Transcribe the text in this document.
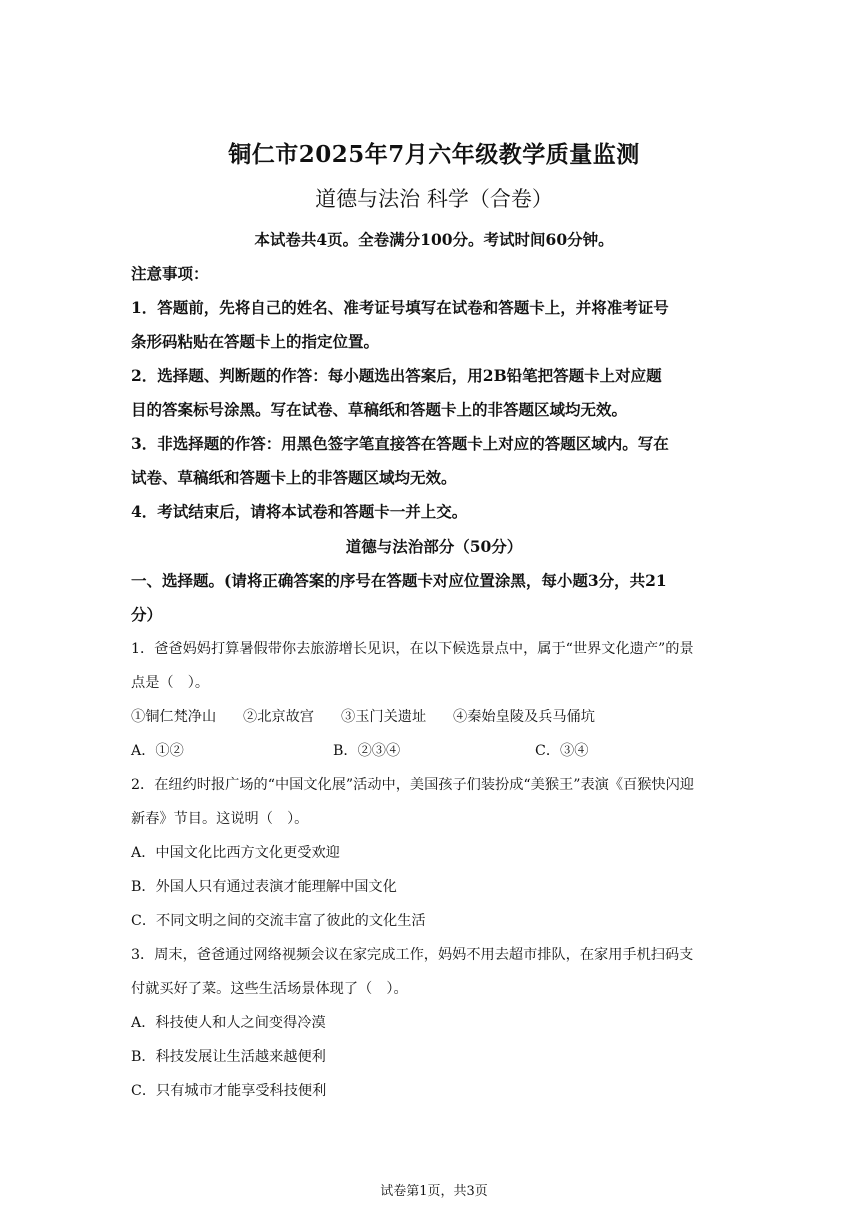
铜仁市2025年7月六年级教学质量监测
道德与法治 科学（合卷）
本试卷共4页。全卷满分100分。考试时间60分钟。
注意事项：
1．答题前，先将自己的姓名、准考证号填写在试卷和答题卡上，并将准考证号
条形码粘贴在答题卡上的指定位置。
2．选择题、判断题的作答：每小题选出答案后，用2B铅笔把答题卡上对应题
目的答案标号涂黑。写在试卷、草稿纸和答题卡上的非答题区域均无效。
3．非选择题的作答：用黑色签字笔直接答在答题卡上对应的答题区域内。写在
试卷、草稿纸和答题卡上的非答题区域均无效。
4．考试结束后，请将本试卷和答题卡一并上交。
道德与法治部分（50分）
一、选择题。(请将正确答案的序号在答题卡对应位置涂黑，每小题3分，共21
分）
1．爸爸妈妈打算暑假带你去旅游增长见识，在以下候选景点中，属于“世界文化遗产”的景
点是（　）。
①铜仁梵净山 ②北京故宫 ③玉门关遗址 ④秦始皇陵及兵马俑坑
A．①②	B．②③④	C．③④
2．在纽约时报广场的“中国文化展”活动中，美国孩子们装扮成“美猴王”表演《百猴快闪迎
新春》节目。这说明（　）。
A．中国文化比西方文化更受欢迎
B．外国人只有通过表演才能理解中国文化
C．不同文明之间的交流丰富了彼此的文化生活
3．周末，爸爸通过网络视频会议在家完成工作，妈妈不用去超市排队，在家用手机扫码支
付就买好了菜。这些生活场景体现了（　）。
A．科技使人和人之间变得冷漠
B．科技发展让生活越来越便利
C．只有城市才能享受科技便利
试卷第1页，共3页
